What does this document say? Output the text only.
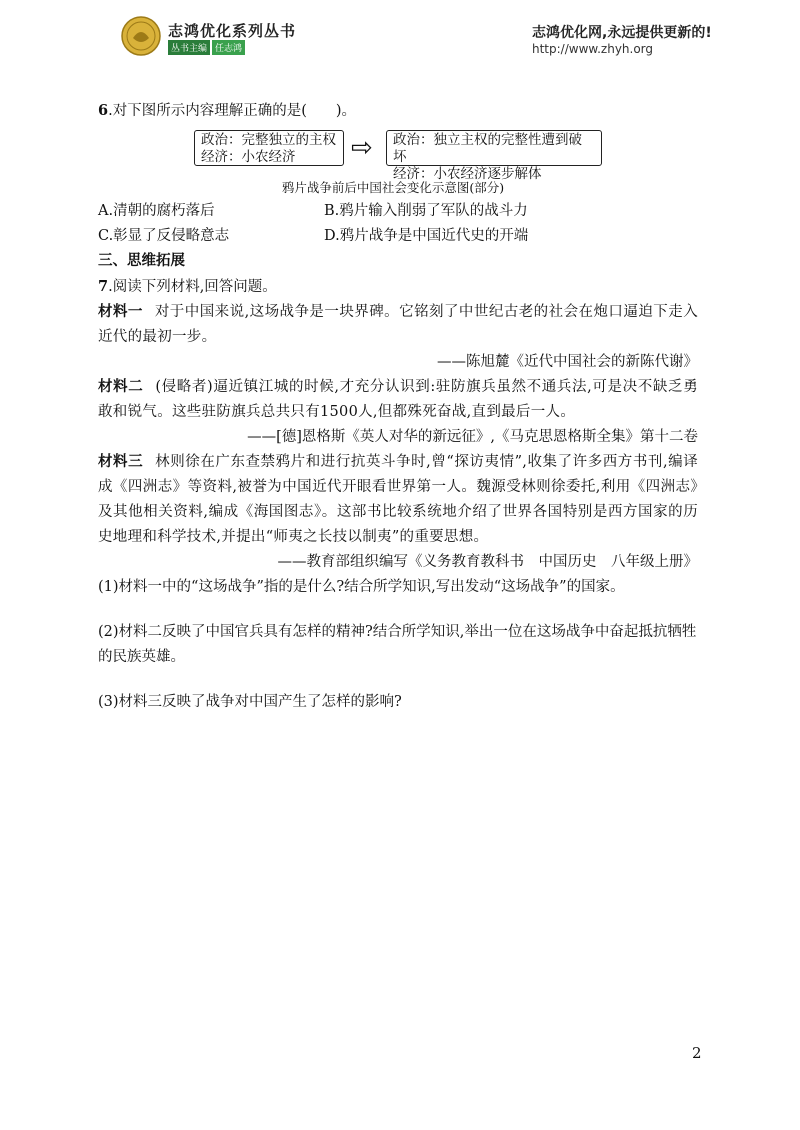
志鸿优化系列丛书
丛书主编 任志鸿
志鸿优化网,永远提供更新的!
http://www.zhyh.org
6.对下图所示内容理解正确的是(　　)。
政治：完整独立的主权
经济：小农经济	⇨ 政治：独立主权的完整性遭到破坏
经济：小农经济逐步解体
鸦片战争前后中国社会变化示意图(部分)
A.清朝的腐朽落后	B.鸦片输入削弱了军队的战斗力
C.彰显了反侵略意志	D.鸦片战争是中国近代史的开端
三、思维拓展
7.阅读下列材料,回答问题。
材料一 对于中国来说,这场战争是一块界碑。它铭刻了中世纪古老的社会在炮口逼迫下走入近代的最初一步。
——陈旭麓《近代中国社会的新陈代谢》
材料二 (侵略者)逼近镇江城的时候,才充分认识到:驻防旗兵虽然不通兵法,可是决不缺乏勇敢和锐气。这些驻防旗兵总共只有1500人,但都殊死奋战,直到最后一人。
——[德]恩格斯《英人对华的新远征》,《马克思恩格斯全集》第十二卷
材料三 林则徐在广东查禁鸦片和进行抗英斗争时,曾“探访夷情”,收集了许多西方书刊,编译成《四洲志》等资料,被誉为中国近代开眼看世界第一人。魏源受林则徐委托,利用《四洲志》及其他相关资料,编成《海国图志》。这部书比较系统地介绍了世界各国特别是西方国家的历史地理和科学技术,并提出“师夷之长技以制夷”的重要思想。
——教育部组织编写《义务教育教科书　中国历史　八年级上册》
(1)材料一中的“这场战争”指的是什么?结合所学知识,写出发动“这场战争”的国家。
(2)材料二反映了中国官兵具有怎样的精神?结合所学知识,举出一位在这场战争中奋起抵抗牺牲的民族英雄。
(3)材料三反映了战争对中国产生了怎样的影响?
2
